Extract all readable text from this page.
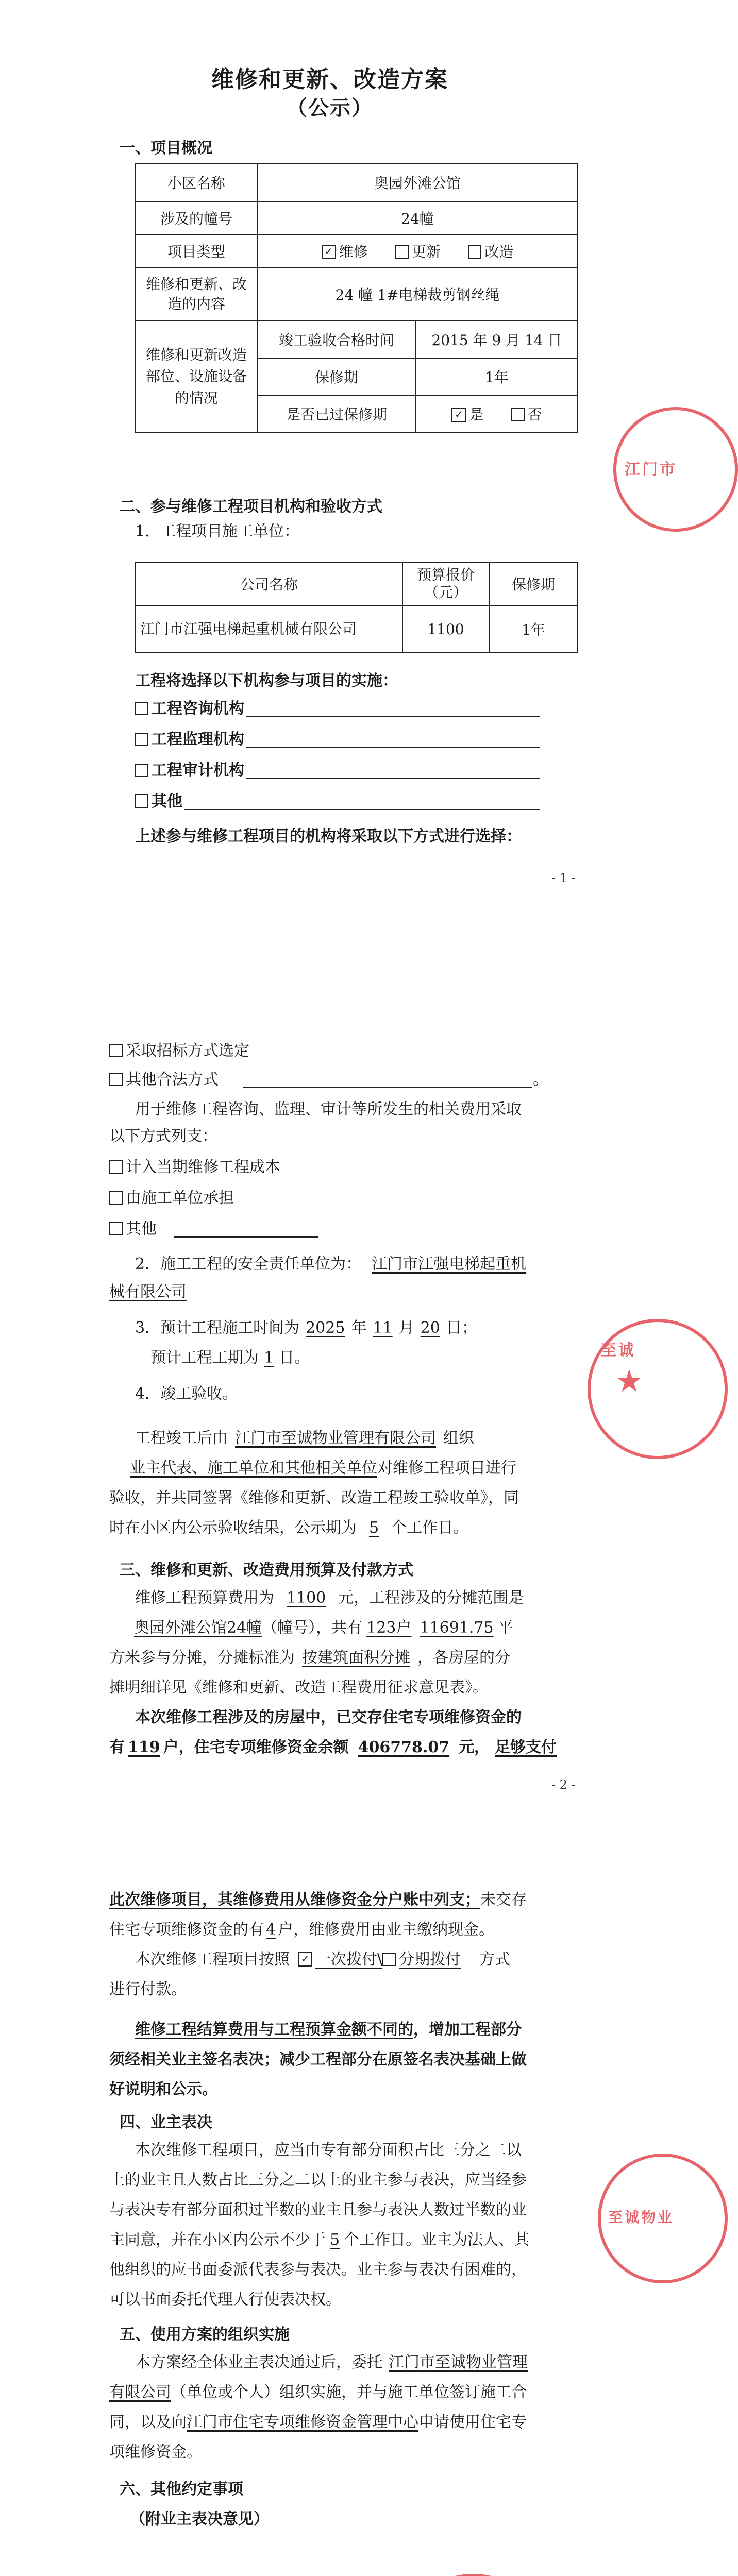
维修和更新、改造方案
（公示）
一、项目概况
小区名称	奥园外滩公馆	
涉及的幢号	24幢	
项目类型	✓ 维修 更新 改造	
维修和更新、改造的内容	24 幢 1#电梯裁剪钢丝绳	
维修和更新改造部位、设施设备的情况	竣工验收合格时间	2015 年 9 月 14 日
	保修期	1年
	是否已过保修期	✓ 是 否
江门市
二、参与维修工程项目机构和验收方式
1．工程项目施工单位：
公司名称	预算报价（元）	保修期
江门市江强电梯起重机械有限公司	1100	1年
工程将选择以下机构参与项目的实施：
工程咨询机构
工程监理机构
工程审计机构
其他
上述参与维修工程项目的机构将采取以下方式进行选择：
- 1 -
采取招标方式选定
其他合法方式	。
用于维修工程咨询、监理、审计等所发生的相关费用采取
以下方式列支：
计入当期维修工程成本
由施工单位承担
其他
2．施工工程的安全责任单位为： 江门市江强电梯起重机
械有限公司
3．预计工程施工时间为 2025 年 11 月 20 日；
预计工程工期为 1 日。
4．竣工验收。
工程竣工后由 江门市至诚物业管理有限公司 组织
业主代表、施工单位和其他相关单位对维修工程项目进行
验收，并共同签署《维修和更新、改造工程竣工验收单》，同
时在小区内公示验收结果，公示期为 5 个工作日。
至诚
★
三、维修和更新、改造费用预算及付款方式
维修工程预算费用为 1100 元，工程涉及的分摊范围是
奥园外滩公馆24幢（幢号），共有 123户 11691.75 平
方米参与分摊，分摊标准为 按建筑面积分摊 ，各房屋的分
摊明细详见《维修和更新、改造工程费用征求意见表》。
本次维修工程涉及的房屋中，已交存住宅专项维修资金的
有 119 户，住宅专项维修资金余额 406778.07 元， 足够支付
- 2 -
此次维修项目，其维修费用从维修资金分户账中列支；未交存
住宅专项维修资金的有 4 户，维修费用由业主缴纳现金。
本次维修工程项目按照 ✓ 一次拨付\ 分期拨付 方式
进行付款。
维修工程结算费用与工程预算金额不同的，增加工程部分
须经相关业主签名表决；减少工程部分在原签名表决基础上做
好说明和公示。
四、业主表决
本次维修工程项目，应当由专有部分面积占比三分之二以
上的业主且人数占比三分之二以上的业主参与表决，应当经参
与表决专有部分面积过半数的业主且参与表决人数过半数的业
主同意，并在小区内公示不少于 5 个工作日。业主为法人、其
他组织的应书面委派代表参与表决。业主参与表决有困难的，
可以书面委托代理人行使表决权。
至诚物业
五、使用方案的组织实施
本方案经全体业主表决通过后，委托 江门市至诚物业管理
有限公司（单位或个人）组织实施，并与施工单位签订施工合
同，以及向江门市住宅专项维修资金管理中心申请使用住宅专
项维修资金。
六、其他约定事项
（附业主表决意见）
